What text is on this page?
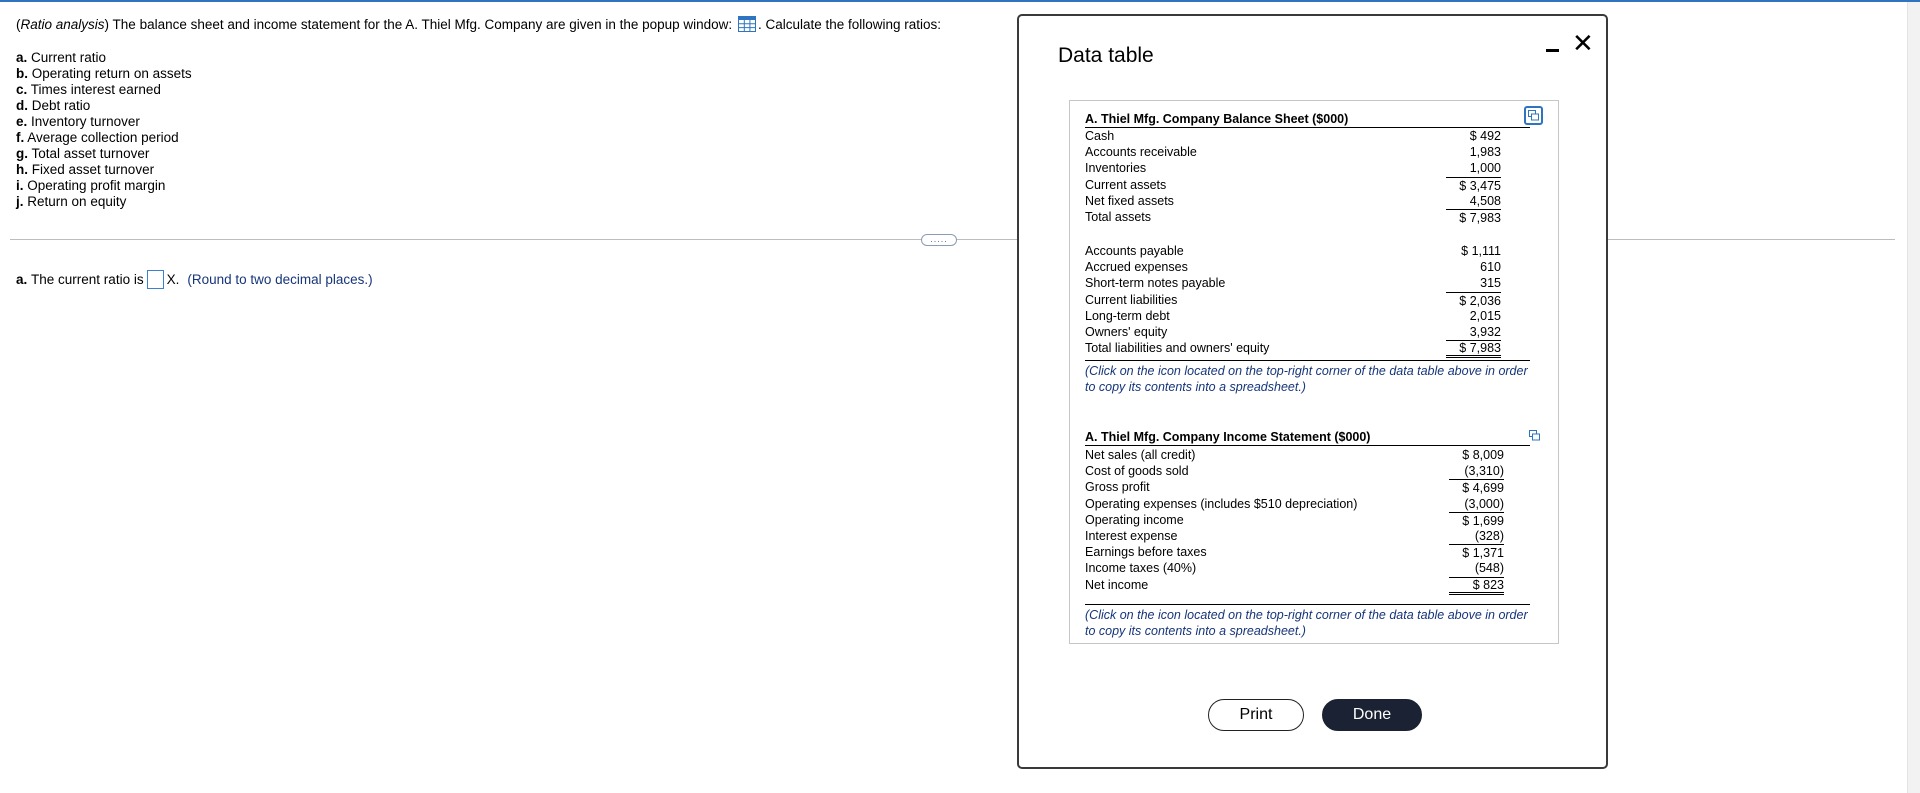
(Ratio analysis) The balance sheet and income statement for the A. Thiel Mfg. Company are given in the popup window: . Calculate the following ratios:
a. Current ratio
b. Operating return on assets
c. Times interest earned
d. Debt ratio
e. Inventory turnover
f. Average collection period
g. Total asset turnover
h. Fixed asset turnover
i. Operating profit margin
j. Return on equity
.....
a.
The current ratio is X. (Round to two decimal places.)
Data table	✕
A. Thiel Mfg. Company Balance Sheet ($000)
Cash	$ 492
Accounts receivable	1,983
Inventories	1,000
Current assets	$ 3,475
Net fixed assets	4,508
Total assets	$ 7,983
Accounts payable	$ 1,111
Accrued expenses	610
Short-term notes payable	315
Current liabilities	$ 2,036
Long-term debt	2,015
Owners' equity	3,932
Total liabilities and owners' equity	$ 7,983
(Click on the icon located on the top-right corner of the data table above in order to copy its contents into a spreadsheet.)
A. Thiel Mfg. Company Income Statement ($000)
Net sales (all credit)	$ 8,009
Cost of goods sold	(3,310)
Gross profit	$ 4,699
Operating expenses (includes $510 depreciation)	(3,000)
Operating income	$ 1,699
Interest expense	(328)
Earnings before taxes	$ 1,371
Income taxes (40%)	(548)
Net income	$ 823
(Click on the icon located on the top-right corner of the data table above in order to copy its contents into a spreadsheet.)
Print	Done
